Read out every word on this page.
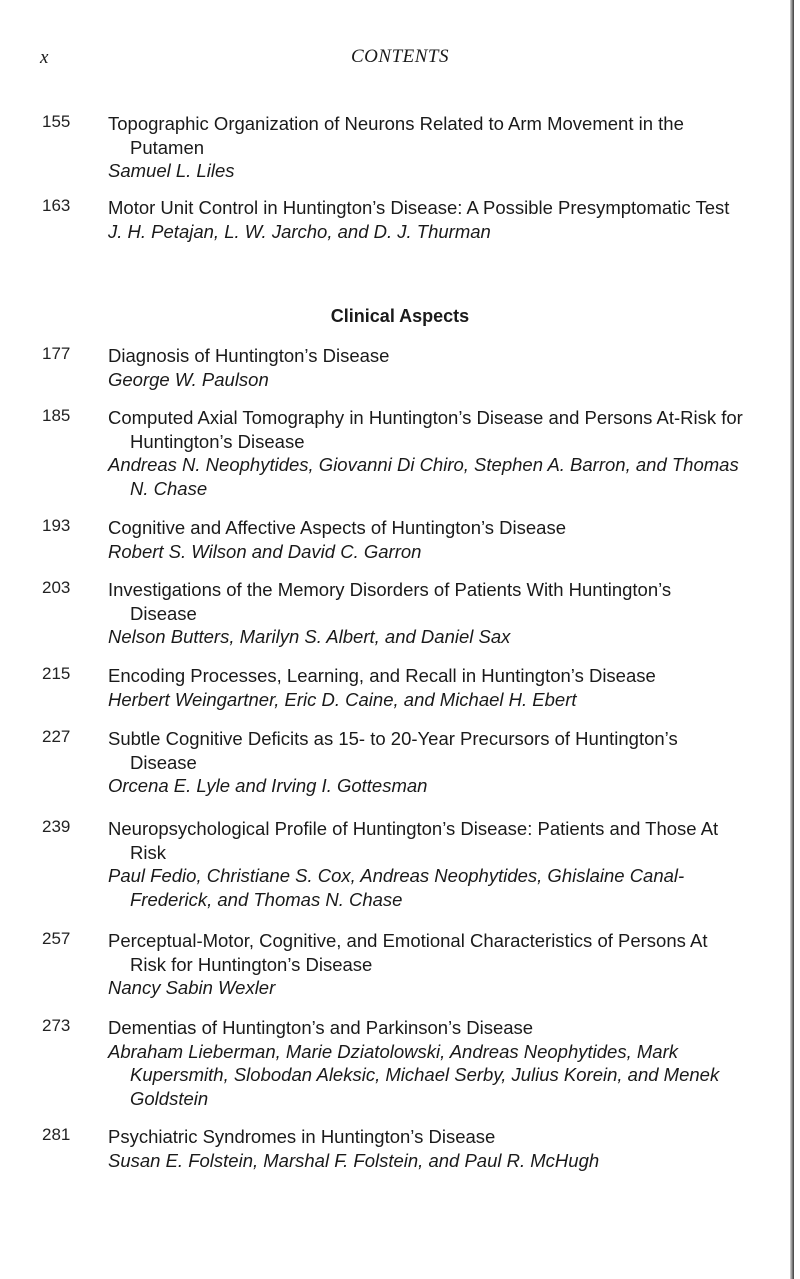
x	CONTENTS
155 Topographic Organization of Neurons Related to Arm Movement in the Putamen
Samuel L. Liles
163 Motor Unit Control in Huntington’s Disease: A Possible Presymptomatic Test
J. H. Petajan, L. W. Jarcho, and D. J. Thurman
Clinical Aspects
177 Diagnosis of Huntington’s Disease
George W. Paulson
185 Computed Axial Tomography in Huntington’s Disease and Persons At-Risk for Huntington’s Disease
Andreas N. Neophytides, Giovanni Di Chiro, Stephen A. Barron, and Thomas N. Chase
193 Cognitive and Affective Aspects of Huntington’s Disease
Robert S. Wilson and David C. Garron
203 Investigations of the Memory Disorders of Patients With Huntington’s Disease
Nelson Butters, Marilyn S. Albert, and Daniel Sax
215 Encoding Processes, Learning, and Recall in Huntington’s Disease
Herbert Weingartner, Eric D. Caine, and Michael H. Ebert
227 Subtle Cognitive Deficits as 15- to 20-Year Precursors of Huntington’s Disease
Orcena E. Lyle and Irving I. Gottesman
239 Neuropsychological Profile of Huntington’s Disease: Patients and Those At Risk
Paul Fedio, Christiane S. Cox, Andreas Neophytides, Ghislaine Canal-Frederick, and Thomas N. Chase
257 Perceptual-Motor, Cognitive, and Emotional Characteristics of Persons At Risk for Huntington’s Disease
Nancy Sabin Wexler
273 Dementias of Huntington’s and Parkinson’s Disease
Abraham Lieberman, Marie Dziatolowski, Andreas Neophytides, Mark Kupersmith, Slobodan Aleksic, Michael Serby, Julius Korein, and Menek Goldstein
281 Psychiatric Syndromes in Huntington’s Disease
Susan E. Folstein, Marshal F. Folstein, and Paul R. McHugh
